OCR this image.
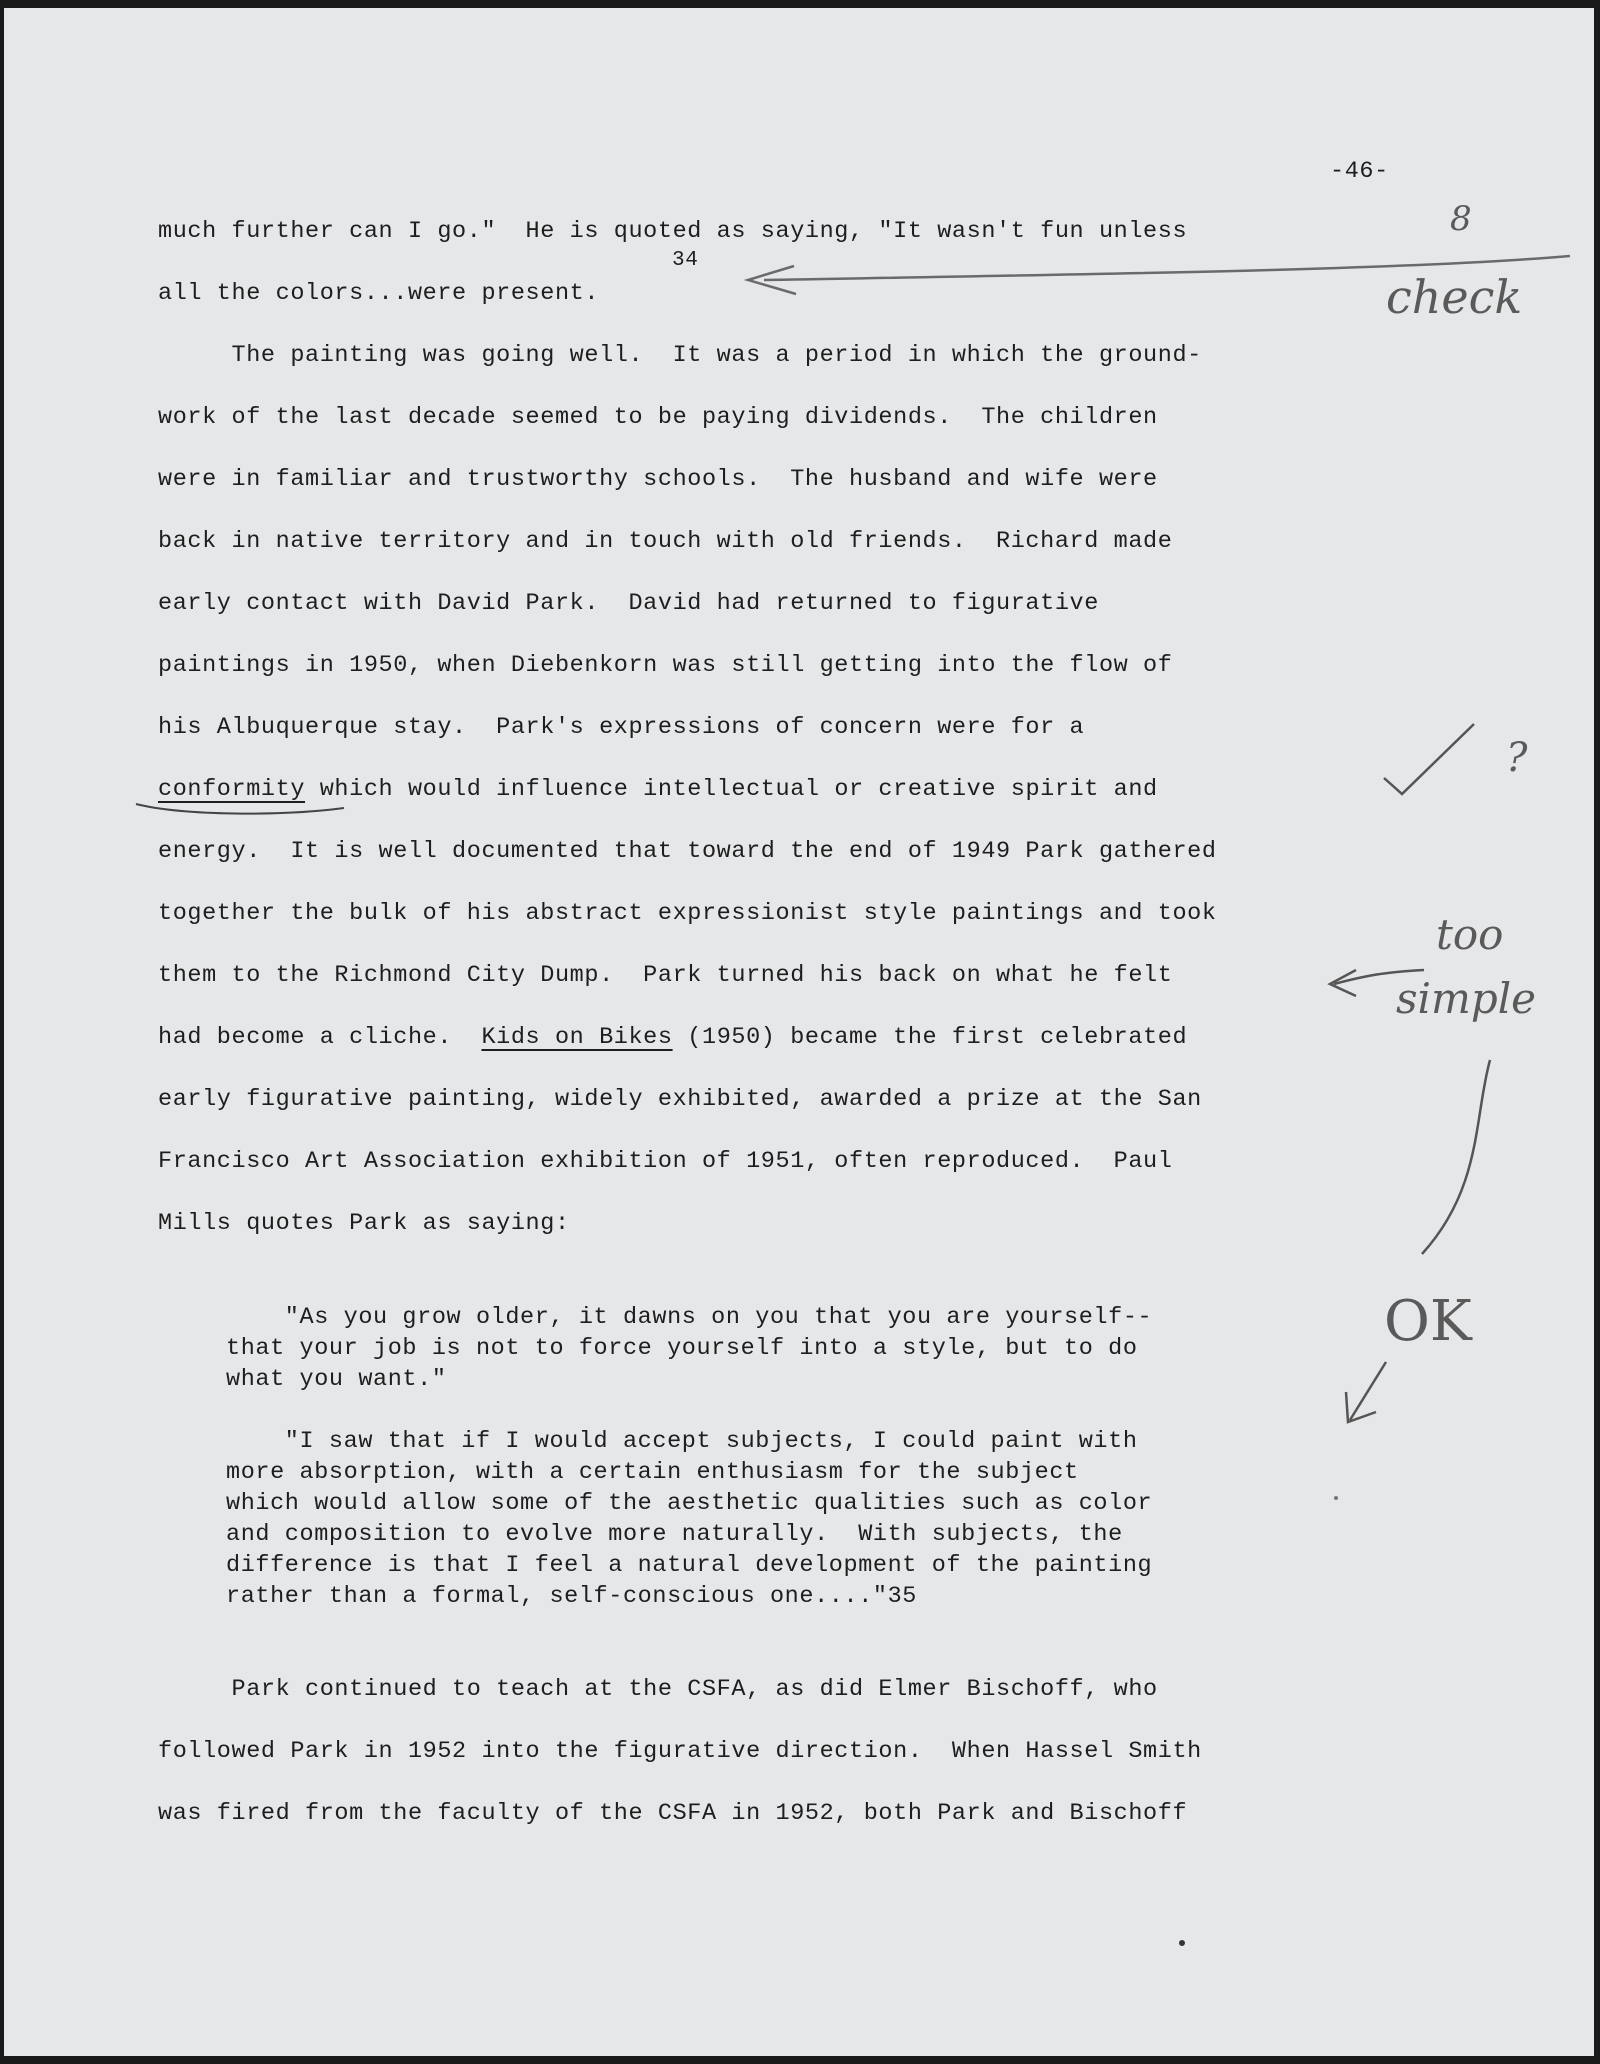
-46-

34

much further can I go."  He is quoted as saying, "It wasn't fun unless

all the colors...were present.

The painting was going well.  It was a period in which the ground-

work of the last decade seemed to be paying dividends.  The children

were in familiar and trustworthy schools.  The husband and wife were

back in native territory and in touch with old friends.  Richard made

early contact with David Park.  David had returned to figurative

paintings in 1950, when Diebenkorn was still getting into the flow of

his Albuquerque stay.  Park's expressions of concern were for a

conformity which would influence intellectual or creative spirit and

energy.  It is well documented that toward the end of 1949 Park gathered

together the bulk of his abstract expressionist style paintings and took

them to the Richmond City Dump.  Park turned his back on what he felt

had become a cliche.  Kids on Bikes (1950) became the first celebrated

early figurative painting, widely exhibited, awarded a prize at the San

Francisco Art Association exhibition of 1951, often reproduced.  Paul

Mills quotes Park as saying:

"As you grow older, it dawns on you that you are yourself--

that your job is not to force yourself into a style, but to do

what you want."

"I saw that if I would accept subjects, I could paint with

more absorption, with a certain enthusiasm for the subject

which would allow some of the aesthetic qualities such as color

and composition to evolve more naturally.  With subjects, the

difference is that I feel a natural development of the painting

rather than a formal, self-conscious one...."35

Park continued to teach at the CSFA, as did Elmer Bischoff, who

followed Park in 1952 into the figurative direction.  When Hassel Smith

was fired from the faculty of the CSFA in 1952, both Park and Bischoff

8

check

?

too

simple

OK
